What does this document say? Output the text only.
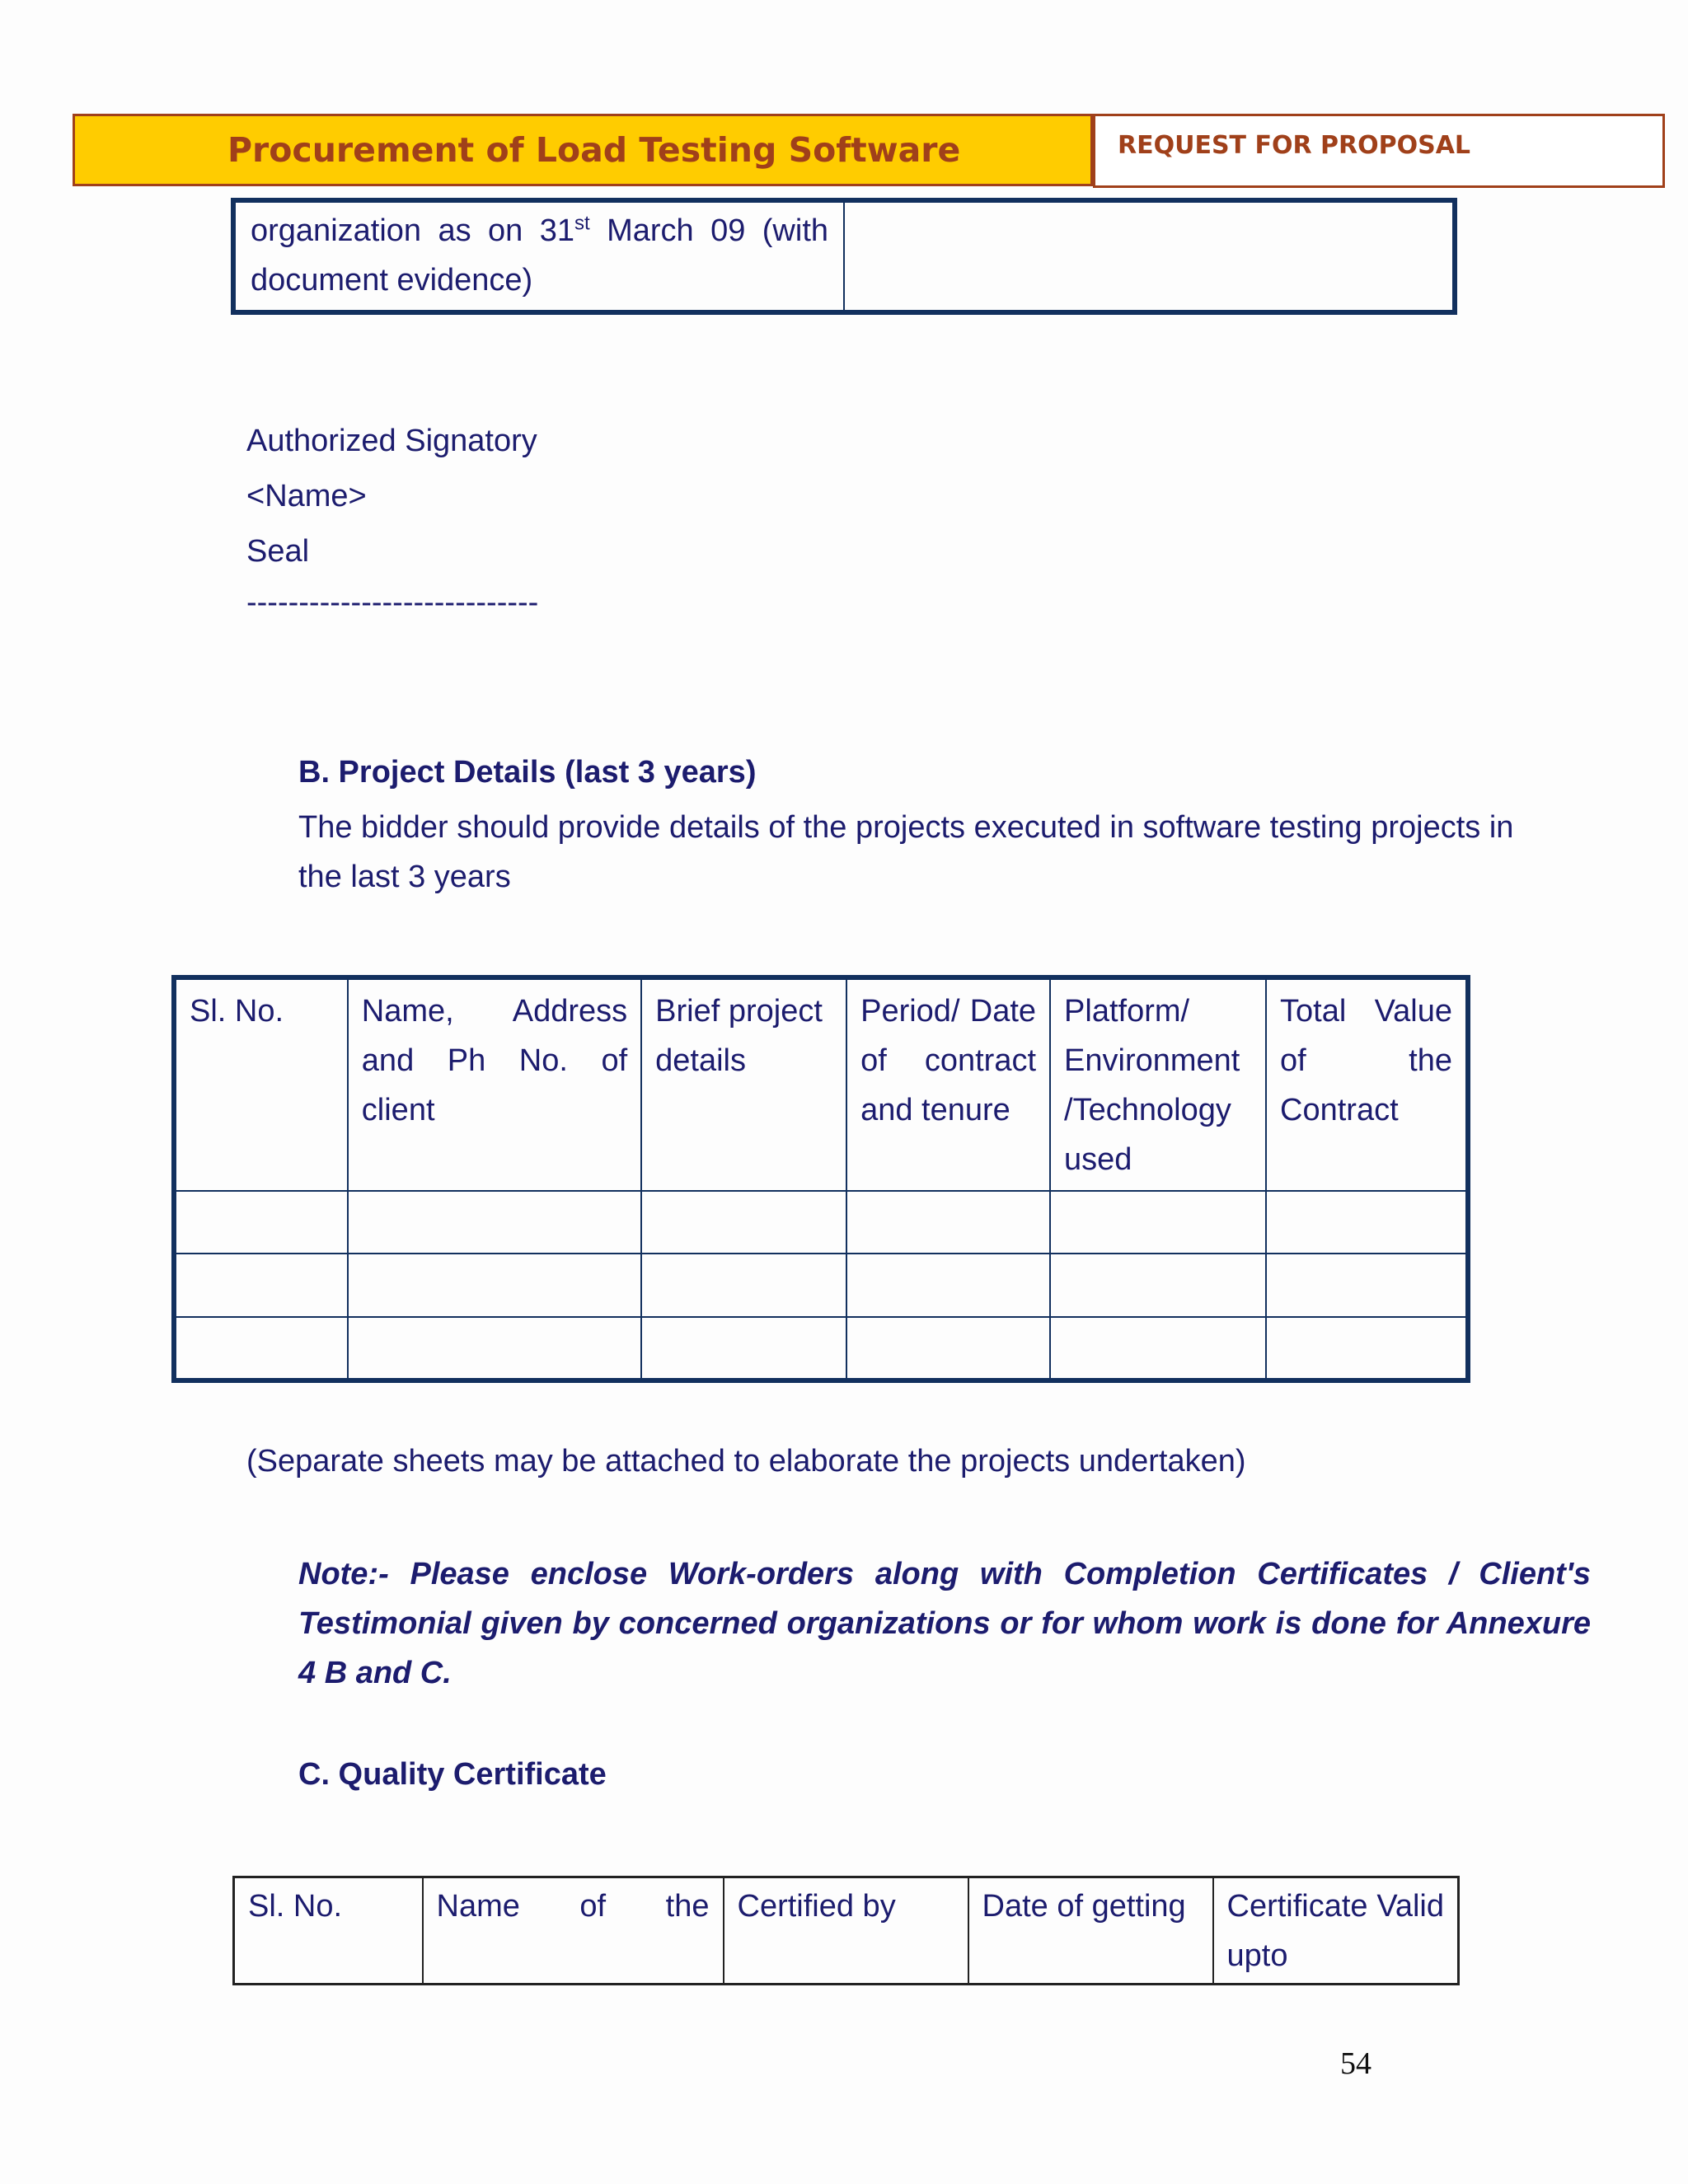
Procurement of Load Testing Software	REQUEST FOR PROPOSAL
organization as on 31st March 09 (with
document evidence)

Authorized Signatory
<Name>
Seal
----------------------------
B. Project Details (last 3 years)
The bidder should provide details of the projects executed in software testing projects in
the last 3 years
Sl. No.	Name, Address and Ph No. of client	Brief project details	Period/ Date of contract and tenure	Platform/ Environment /Technology used	Total Value of the Contract

(Separate sheets may be attached to elaborate the projects undertaken)
Note:- Please enclose Work-orders along with Completion Certificates / Client's Testimonial given by concerned organizations or for whom work is done for Annexure 4 B and C.
C. Quality Certificate
Sl. No.	Name of the	Certified by	Date of getting	Certificate Valid upto
54
